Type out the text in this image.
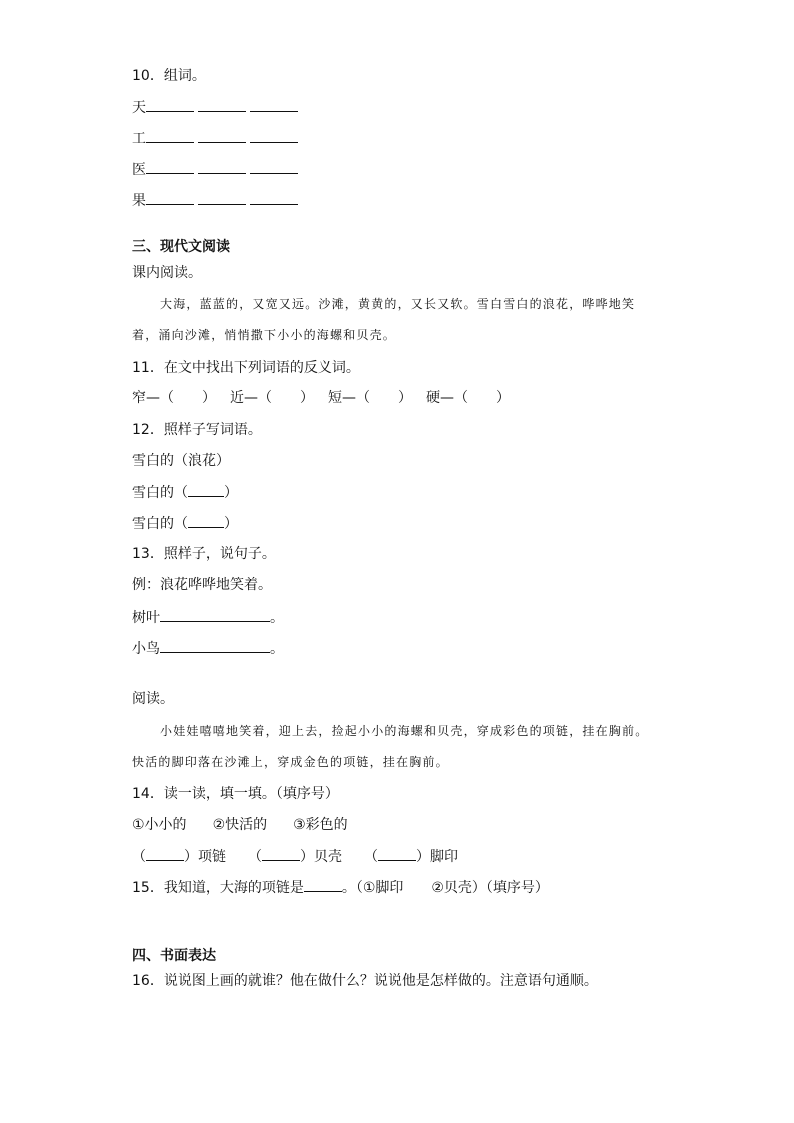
10．组词。
天
工
医
果
三、现代文阅读
课内阅读。
大海，蓝蓝的，又宽又远。沙滩，黄黄的，又长又软。雪白雪白的浪花，哗哗地笑
着，涌向沙滩，悄悄撒下小小的海螺和贝壳。
11．在文中找出下列词语的反义词。
窄—（　　） 近—（　　） 短—（　　） 硬—（　　）
12．照样子写词语。
雪白的（浪花）
雪白的（	）
雪白的（	）
13．照样子，说句子。
例：浪花哗哗地笑着。
树叶	。
小鸟	。
阅读。
小娃娃嘻嘻地笑着，迎上去，捡起小小的海螺和贝壳，穿成彩色的项链，挂在胸前。
快活的脚印落在沙滩上，穿成金色的项链，挂在胸前。
14．读一读，填一填。（填序号）
①小小的 ②快活的 ③彩色的
（	）项链 （	）贝壳 （	）脚印
15．我知道，大海的项链是	。（①脚印　　②贝壳）（填序号）
四、书面表达
16．说说图上画的就谁？他在做什么？说说他是怎样做的。注意语句通顺。
